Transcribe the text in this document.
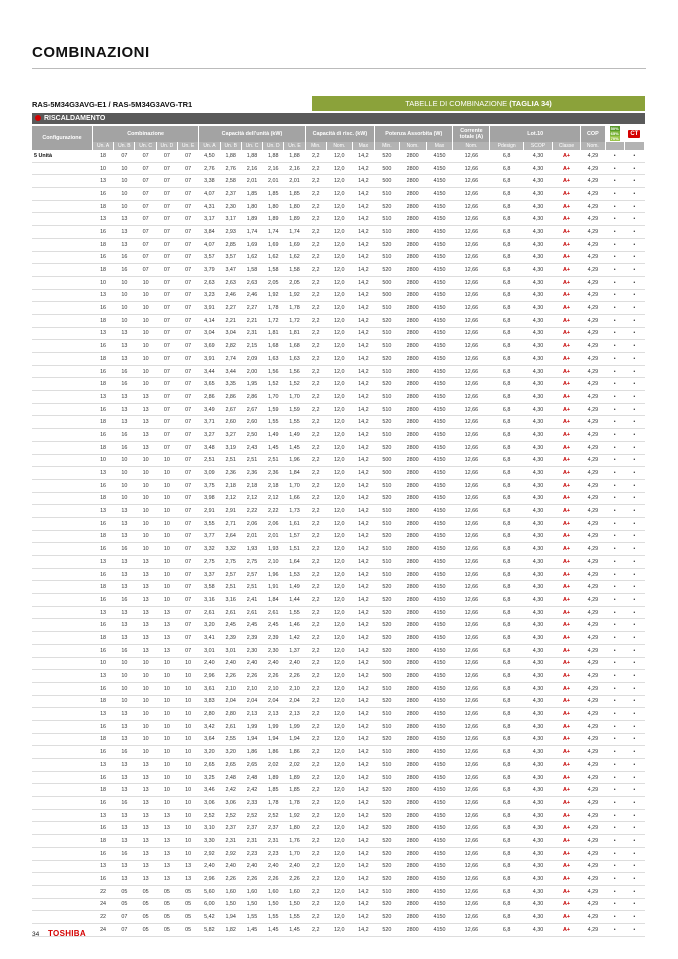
COMBINAZIONI
RAS-5M34G3AVG-E1 / RAS-5M34G3AVG-TR1	TABELLE DI COMBINAZIONE (TAGLIA 34)
RISCALDAMENTO
Configurazione	Combinazione					Capacità dell'unità (kW)					Capacità di risc. (kW)			Potenza Assorbita (W)			Corrente totale (A)	Lot.10			COP	50%
65%
70%	CT
	Un. A	Un. B	Un. C	Un. D	Un. E	Un. A	Un. B	Un. C	Un. D	Un. E	Min.	Nom.	Max	Min.	Nom.	Max	Nom.	Pdesign	SCOP	Classe	Nom.		
5 Unità	18	07	07	07	07	4,50	1,88	1,88	1,88	1,88	2,2	12,0	14,2	520	2800	4150	12,66	6,8	4,30	A+	4,29	•	•
	10	10	07	07	07	2,76	2,76	2,16	2,16	2,16	2,2	12,0	14,2	500	2800	4150	12,66	6,8	4,30	A+	4,29	•	•
	13	10	07	07	07	3,38	2,58	2,01	2,01	2,01	2,2	12,0	14,2	500	2800	4150	12,66	6,8	4,30	A+	4,29	•	•
	16	10	07	07	07	4,07	2,37	1,85	1,85	1,85	2,2	12,0	14,2	510	2800	4150	12,66	6,8	4,30	A+	4,29	•	•
	18	10	07	07	07	4,31	2,30	1,80	1,80	1,80	2,2	12,0	14,2	520	2800	4150	12,66	6,8	4,30	A+	4,29	•	•
	13	13	07	07	07	3,17	3,17	1,89	1,89	1,89	2,2	12,0	14,2	510	2800	4150	12,66	6,8	4,30	A+	4,29	•	•
	16	13	07	07	07	3,84	2,93	1,74	1,74	1,74	2,2	12,0	14,2	510	2800	4150	12,66	6,8	4,30	A+	4,29	•	•
	18	13	07	07	07	4,07	2,85	1,69	1,69	1,69	2,2	12,0	14,2	520	2800	4150	12,66	6,8	4,30	A+	4,29	•	•
	16	16	07	07	07	3,57	3,57	1,62	1,62	1,62	2,2	12,0	14,2	510	2800	4150	12,66	6,8	4,30	A+	4,29	•	•
	18	16	07	07	07	3,79	3,47	1,58	1,58	1,58	2,2	12,0	14,2	520	2800	4150	12,66	6,8	4,30	A+	4,29	•	•
	10	10	10	07	07	2,63	2,63	2,63	2,05	2,05	2,2	12,0	14,2	500	2800	4150	12,66	6,8	4,30	A+	4,29	•	•
	13	10	10	07	07	3,23	2,46	2,46	1,92	1,92	2,2	12,0	14,2	500	2800	4150	12,66	6,8	4,30	A+	4,29	•	•
	16	10	10	07	07	3,91	2,27	2,27	1,78	1,78	2,2	12,0	14,2	510	2800	4150	12,66	6,8	4,30	A+	4,29	•	•
	18	10	10	07	07	4,14	2,21	2,21	1,72	1,72	2,2	12,0	14,2	520	2800	4150	12,66	6,8	4,30	A+	4,29	•	•
	13	13	10	07	07	3,04	3,04	2,31	1,81	1,81	2,2	12,0	14,2	510	2800	4150	12,66	6,8	4,30	A+	4,29	•	•
	16	13	10	07	07	3,69	2,82	2,15	1,68	1,68	2,2	12,0	14,2	510	2800	4150	12,66	6,8	4,30	A+	4,29	•	•
	18	13	10	07	07	3,91	2,74	2,09	1,63	1,63	2,2	12,0	14,2	520	2800	4150	12,66	6,8	4,30	A+	4,29	•	•
	16	16	10	07	07	3,44	3,44	2,00	1,56	1,56	2,2	12,0	14,2	510	2800	4150	12,66	6,8	4,30	A+	4,29	•	•
	18	16	10	07	07	3,65	3,35	1,95	1,52	1,52	2,2	12,0	14,2	520	2800	4150	12,66	6,8	4,30	A+	4,29	•	•
	13	13	13	07	07	2,86	2,86	2,86	1,70	1,70	2,2	12,0	14,2	510	2800	4150	12,66	6,8	4,30	A+	4,29	•	•
	16	13	13	07	07	3,49	2,67	2,67	1,59	1,59	2,2	12,0	14,2	510	2800	4150	12,66	6,8	4,30	A+	4,29	•	•
	18	13	13	07	07	3,71	2,60	2,60	1,55	1,55	2,2	12,0	14,2	520	2800	4150	12,66	6,8	4,30	A+	4,29	•	•
	16	16	13	07	07	3,27	3,27	2,50	1,49	1,49	2,2	12,0	14,2	510	2800	4150	12,66	6,8	4,30	A+	4,29	•	•
	18	16	13	07	07	3,48	3,19	2,43	1,45	1,45	2,2	12,0	14,2	520	2800	4150	12,66	6,8	4,30	A+	4,29	•	•
	10	10	10	10	07	2,51	2,51	2,51	2,51	1,96	2,2	12,0	14,2	500	2800	4150	12,66	6,8	4,30	A+	4,29	•	•
	13	10	10	10	07	3,09	2,36	2,36	2,36	1,84	2,2	12,0	14,2	500	2800	4150	12,66	6,8	4,30	A+	4,29	•	•
	16	10	10	10	07	3,75	2,18	2,18	2,18	1,70	2,2	12,0	14,2	510	2800	4150	12,66	6,8	4,30	A+	4,29	•	•
	18	10	10	10	07	3,98	2,12	2,12	2,12	1,66	2,2	12,0	14,2	520	2800	4150	12,66	6,8	4,30	A+	4,29	•	•
	13	13	10	10	07	2,91	2,91	2,22	2,22	1,73	2,2	12,0	14,2	510	2800	4150	12,66	6,8	4,30	A+	4,29	•	•
	16	13	10	10	07	3,55	2,71	2,06	2,06	1,61	2,2	12,0	14,2	510	2800	4150	12,66	6,8	4,30	A+	4,29	•	•
	18	13	10	10	07	3,77	2,64	2,01	2,01	1,57	2,2	12,0	14,2	520	2800	4150	12,66	6,8	4,30	A+	4,29	•	•
	16	16	10	10	07	3,32	3,32	1,93	1,93	1,51	2,2	12,0	14,2	510	2800	4150	12,66	6,8	4,30	A+	4,29	•	•
	13	13	13	10	07	2,75	2,75	2,75	2,10	1,64	2,2	12,0	14,2	510	2800	4150	12,66	6,8	4,30	A+	4,29	•	•
	16	13	13	10	07	3,37	2,57	2,57	1,96	1,53	2,2	12,0	14,2	510	2800	4150	12,66	6,8	4,30	A+	4,29	•	•
	18	13	13	10	07	3,58	2,51	2,51	1,91	1,49	2,2	12,0	14,2	520	2800	4150	12,66	6,8	4,30	A+	4,29	•	•
	16	16	13	10	07	3,16	3,16	2,41	1,84	1,44	2,2	12,0	14,2	520	2800	4150	12,66	6,8	4,30	A+	4,29	•	•
	13	13	13	13	07	2,61	2,61	2,61	2,61	1,55	2,2	12,0	14,2	520	2800	4150	12,66	6,8	4,30	A+	4,29	•	•
	16	13	13	13	07	3,20	2,45	2,45	2,45	1,46	2,2	12,0	14,2	520	2800	4150	12,66	6,8	4,30	A+	4,29	•	•
	18	13	13	13	07	3,41	2,39	2,39	2,39	1,42	2,2	12,0	14,2	520	2800	4150	12,66	6,8	4,30	A+	4,29	•	•
	16	16	13	13	07	3,01	3,01	2,30	2,30	1,37	2,2	12,0	14,2	520	2800	4150	12,66	6,8	4,30	A+	4,29	•	•
	10	10	10	10	10	2,40	2,40	2,40	2,40	2,40	2,2	12,0	14,2	500	2800	4150	12,66	6,8	4,30	A+	4,29	•	•
	13	10	10	10	10	2,96	2,26	2,26	2,26	2,26	2,2	12,0	14,2	500	2800	4150	12,66	6,8	4,30	A+	4,29	•	•
	16	10	10	10	10	3,61	2,10	2,10	2,10	2,10	2,2	12,0	14,2	510	2800	4150	12,66	6,8	4,30	A+	4,29	•	•
	18	10	10	10	10	3,83	2,04	2,04	2,04	2,04	2,2	12,0	14,2	520	2800	4150	12,66	6,8	4,30	A+	4,29	•	•
	13	13	10	10	10	2,80	2,80	2,13	2,13	2,13	2,2	12,0	14,2	510	2800	4150	12,66	6,8	4,30	A+	4,29	•	•
	16	13	10	10	10	3,42	2,61	1,99	1,99	1,99	2,2	12,0	14,2	510	2800	4150	12,66	6,8	4,30	A+	4,29	•	•
	18	13	10	10	10	3,64	2,55	1,94	1,94	1,94	2,2	12,0	14,2	520	2800	4150	12,66	6,8	4,30	A+	4,29	•	•
	16	16	10	10	10	3,20	3,20	1,86	1,86	1,86	2,2	12,0	14,2	510	2800	4150	12,66	6,8	4,30	A+	4,29	•	•
	13	13	13	10	10	2,65	2,65	2,65	2,02	2,02	2,2	12,0	14,2	510	2800	4150	12,66	6,8	4,30	A+	4,29	•	•
	16	13	13	10	10	3,25	2,48	2,48	1,89	1,89	2,2	12,0	14,2	510	2800	4150	12,66	6,8	4,30	A+	4,29	•	•
	18	13	13	10	10	3,46	2,42	2,42	1,85	1,85	2,2	12,0	14,2	520	2800	4150	12,66	6,8	4,30	A+	4,29	•	•
	16	16	13	10	10	3,06	3,06	2,33	1,78	1,78	2,2	12,0	14,2	520	2800	4150	12,66	6,8	4,30	A+	4,29	•	•
	13	13	13	13	10	2,52	2,52	2,52	2,52	1,92	2,2	12,0	14,2	520	2800	4150	12,66	6,8	4,30	A+	4,29	•	•
	16	13	13	13	10	3,10	2,37	2,37	2,37	1,80	2,2	12,0	14,2	520	2800	4150	12,66	6,8	4,30	A+	4,29	•	•
	18	13	13	13	10	3,30	2,31	2,31	2,31	1,76	2,2	12,0	14,2	520	2800	4150	12,66	6,8	4,30	A+	4,29	•	•
	16	16	13	13	10	2,92	2,92	2,23	2,23	1,70	2,2	12,0	14,2	520	2800	4150	12,66	6,8	4,30	A+	4,29	•	•
	13	13	13	13	13	2,40	2,40	2,40	2,40	2,40	2,2	12,0	14,2	520	2800	4150	12,66	6,8	4,30	A+	4,29	•	•
	16	13	13	13	13	2,96	2,26	2,26	2,26	2,26	2,2	12,0	14,2	520	2800	4150	12,66	6,8	4,30	A+	4,29	•	•
	22	05	05	05	05	5,60	1,60	1,60	1,60	1,60	2,2	12,0	14,2	510	2800	4150	12,66	6,8	4,30	A+	4,29	•	•
	24	05	05	05	05	6,00	1,50	1,50	1,50	1,50	2,2	12,0	14,2	520	2800	4150	12,66	6,8	4,30	A+	4,29	•	•
	22	07	05	05	05	5,42	1,94	1,55	1,55	1,55	2,2	12,0	14,2	520	2800	4150	12,66	6,8	4,30	A+	4,29	•	•
	24	07	05	05	05	5,82	1,82	1,45	1,45	1,45	2,2	12,0	14,2	520	2800	4150	12,66	6,8	4,30	A+	4,29	•	•
34 TOSHIBA
